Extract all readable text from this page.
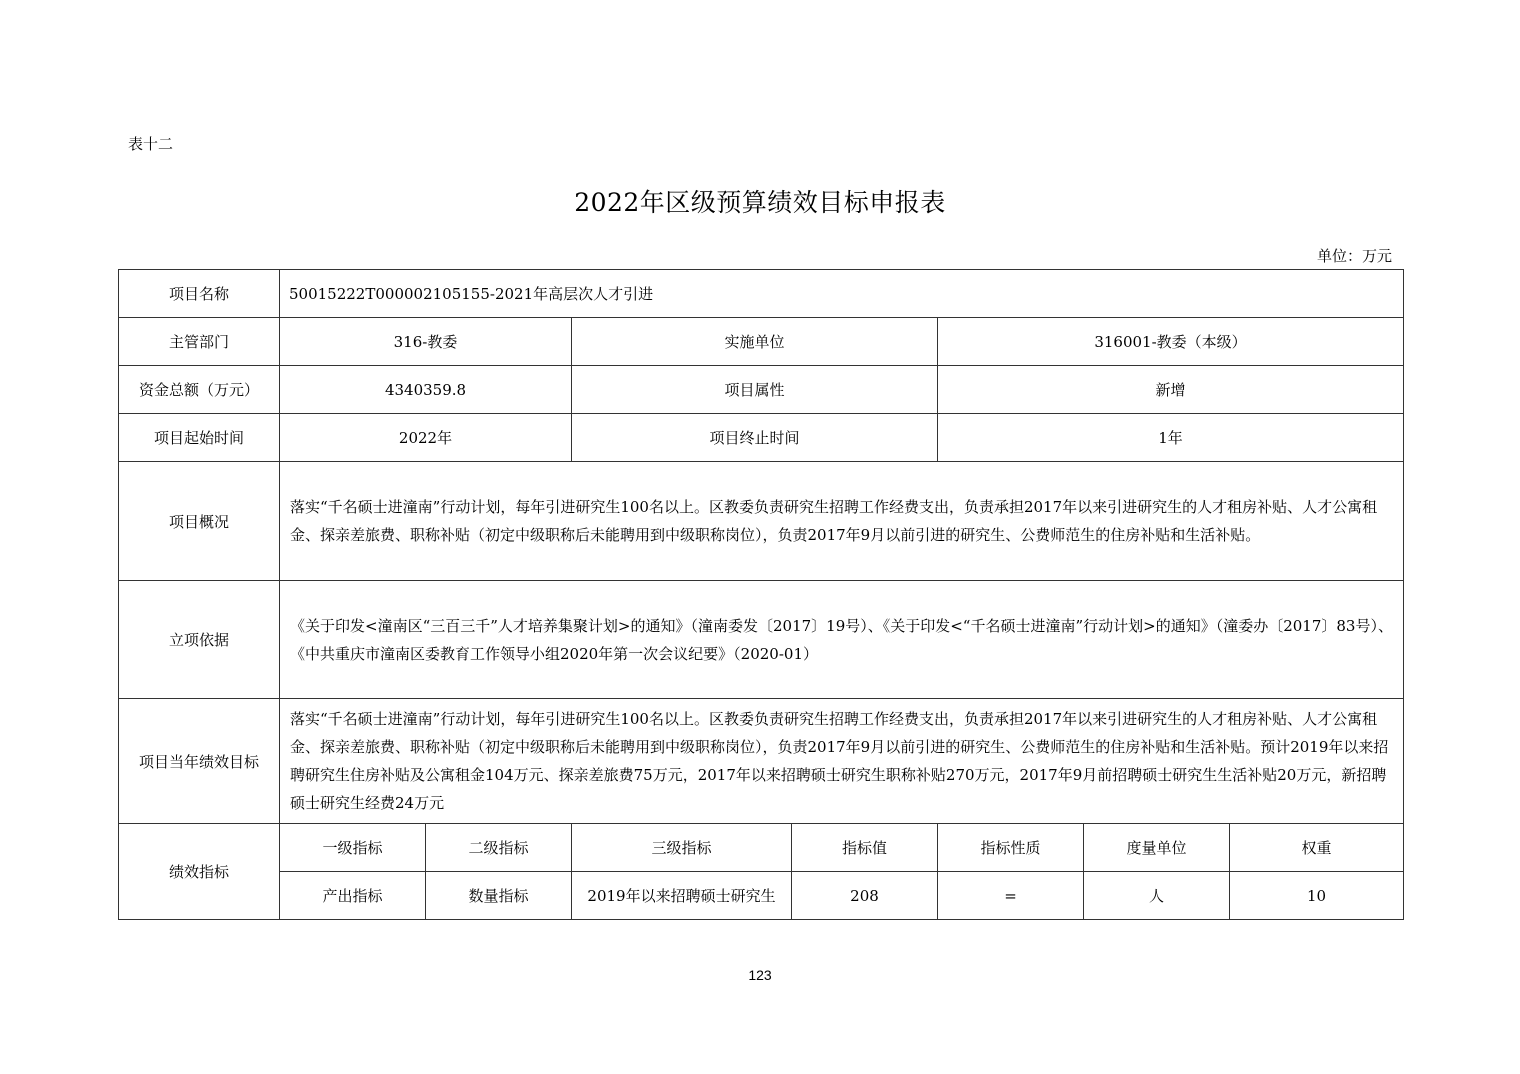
表十二
2022年区级预算绩效目标申报表
单位：万元
项目名称	50015222T000002105155-2021年高层次人才引进						
主管部门	316-教委		实施单位		316001-教委（本级）		
资金总额（万元）	4340359.8		项目属性		新增		
项目起始时间	2022年		项目终止时间		1年		
项目概况	落实“千名硕士进潼南”行动计划，每年引进研究生100名以上。区教委负责研究生招聘工作经费支出，负责承担2017年以来引进研究生的人才租房补贴、人才公寓租金、探亲差旅费、职称补贴（初定中级职称后未能聘用到中级职称岗位），负责2017年9月以前引进的研究生、公费师范生的住房补贴和生活补贴。						
立项依据	《关于印发<潼南区“三百三千”人才培养集聚计划>的通知》（潼南委发〔2017〕19号）、《关于印发<“千名硕士进潼南”行动计划>的通知》（潼委办〔2017〕83号）、《中共重庆市潼南区委教育工作领导小组2020年第一次会议纪要》（2020-01）						
项目当年绩效目标	落实“千名硕士进潼南”行动计划，每年引进研究生100名以上。区教委负责研究生招聘工作经费支出，负责承担2017年以来引进研究生的人才租房补贴、人才公寓租金、探亲差旅费、职称补贴（初定中级职称后未能聘用到中级职称岗位），负责2017年9月以前引进的研究生、公费师范生的住房补贴和生活补贴。预计2019年以来招聘研究生住房补贴及公寓租金104万元、探亲差旅费75万元，2017年以来招聘硕士研究生职称补贴270万元，2017年9月前招聘硕士研究生生活补贴20万元，新招聘硕士研究生经费24万元						
绩效指标	一级指标	二级指标	三级指标	指标值	指标性质	度量单位	权重
	产出指标	数量指标	2019年以来招聘硕士研究生	208	=	人	10
123
